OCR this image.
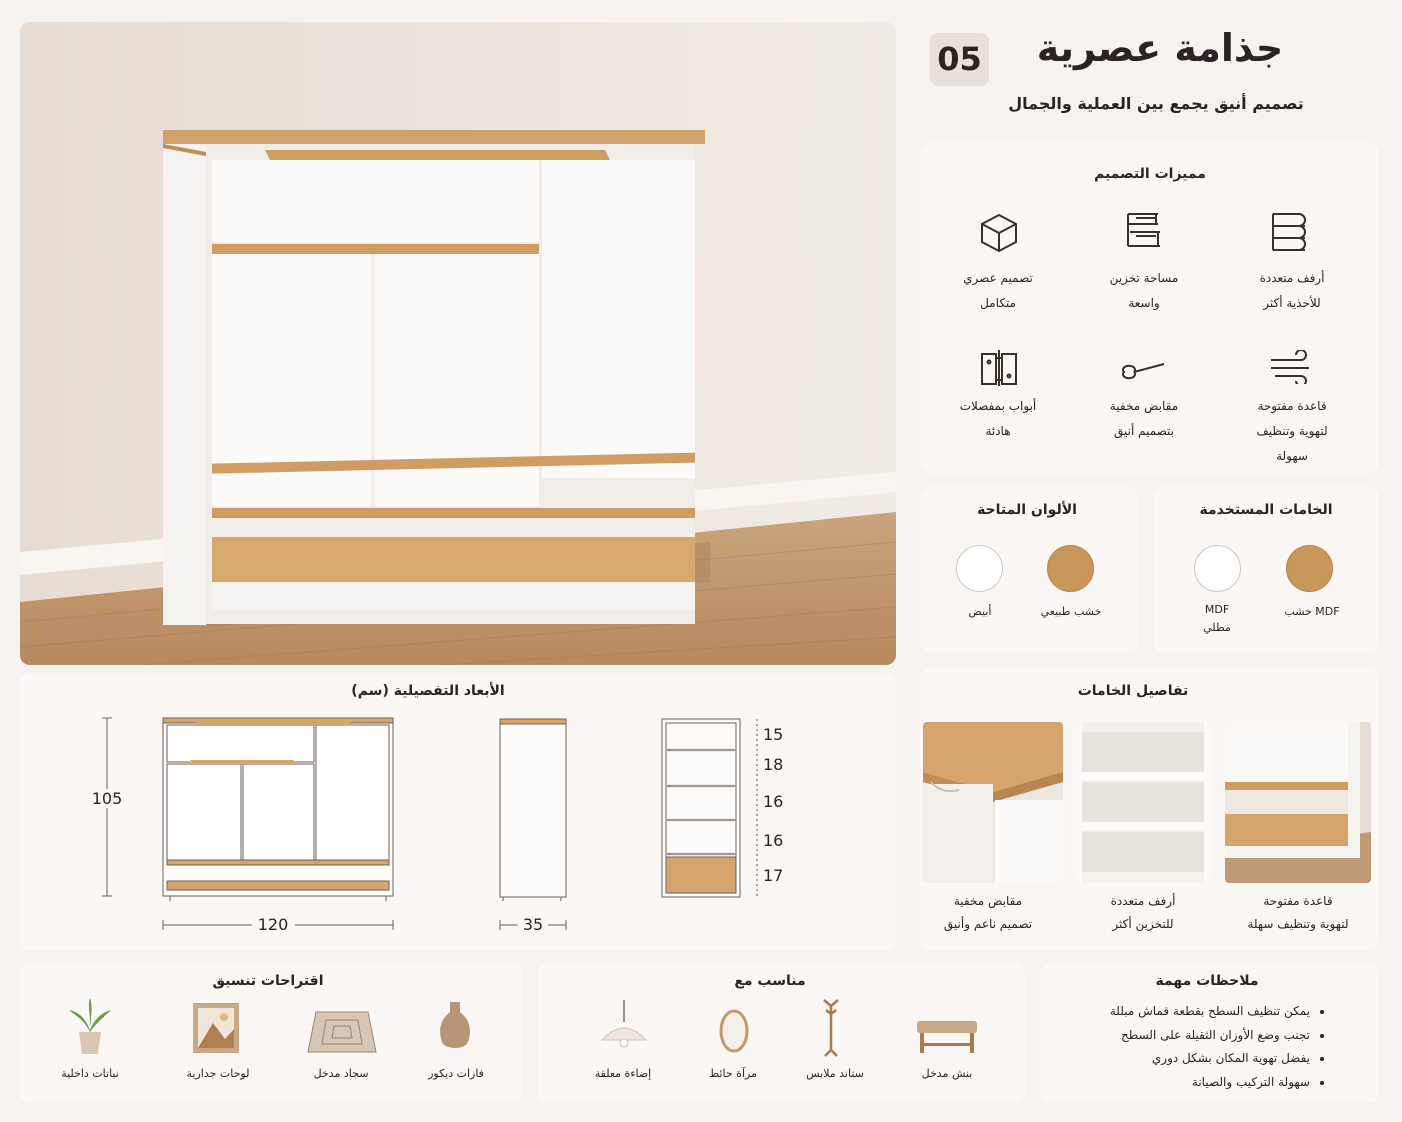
05 جذامة عصرية
تصميم أنيق يجمع بين العملية والجمال
مميزات التصميم
أرفف متعددة
للأحذية أكثر
مساحة تخزين
واسعة
تصميم عصري
متكامل
قاعدة مفتوحة
لتهوية وتنظيف
سهولة
مقابض مخفية
بتصميم أنيق
أبواب بمفصلات
هادئة
الخامات المستخدمة
خشب MDF
MDF
مطلي
الألوان المتاحة
خشب طبيعي
أبيض
الأبعاد التفصيلية (سم)
105
120	35
15
18
16
16
17
تفاصيل الخامات
قاعدة مفتوحة
لتهوية وتنظيف سهلة
أرفف متعددة
للتخزين أكثر
مقابض مخفية
تصميم ناعم وأنيق
ملاحظات مهمة
• يمكن تنظيف السطح بقطعة قماش مبللة
• تجنب وضع الأوزان الثقيلة على السطح
• يفضل تهوية المكان بشكل دوري
• سهولة التركيب والصيانة
مناسب مع
بنش مدخل
ستاند ملابس
مرآة حائط
إضاءة معلقة
اقتراحات تنسيق
فازات ديكور
سجاد مدخل
لوحات جدارية
نباتات داخلية
